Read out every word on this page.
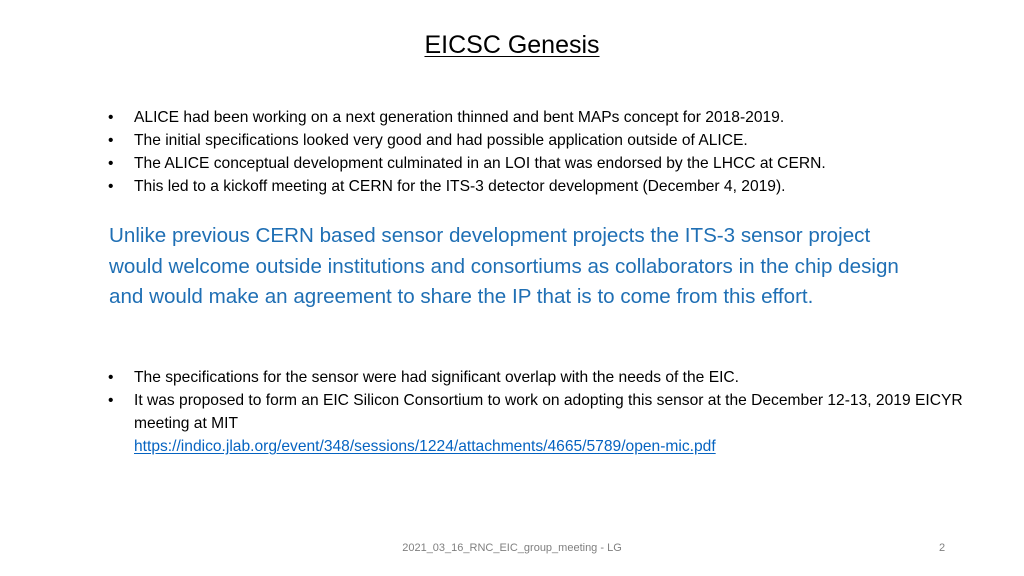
EICSC Genesis
•	ALICE had been working on a next generation thinned and bent MAPs concept for 2018-2019.
•	The initial specifications looked very good and had possible application outside of ALICE.
•	The ALICE conceptual development culminated in an LOI that was endorsed by the LHCC at CERN.
•	This led to a kickoff meeting at CERN for the ITS-3 detector development (December 4, 2019).

Unlike previous CERN based sensor development projects the ITS-3 sensor project would welcome outside institutions and consortiums as collaborators in the chip design and would make an agreement to share the IP that is to come from this effort.

•	The specifications for the sensor were had significant overlap with the needs of the EIC.
•	It was proposed to form an EIC Silicon Consortium to work on adopting this sensor at the December 12-13, 2019 EICYR meeting at MIT
https://indico.jlab.org/event/348/sessions/1224/attachments/4665/5789/open-mic.pdf
2021_03_16_RNC_EIC_group_meeting - LG	2
